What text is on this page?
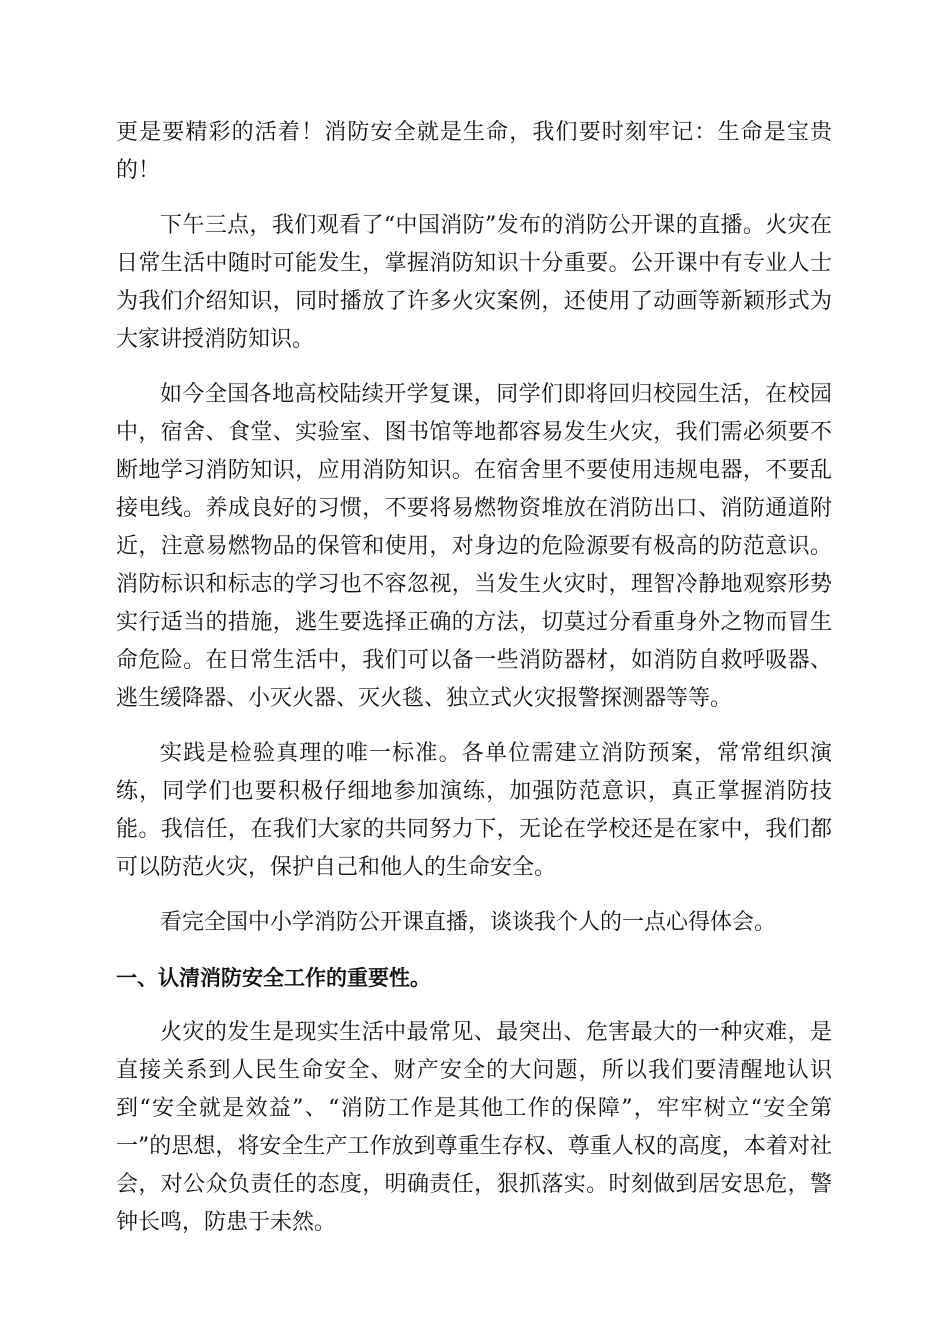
更是要精彩的活着！消防安全就是生命，我们要时刻牢记：生命是宝贵的！

下午三点，我们观看了“中国消防”发布的消防公开课的直播。火灾在日常生活中随时可能发生，掌握消防知识十分重要。公开课中有专业人士为我们介绍知识，同时播放了许多火灾案例，还使用了动画等新颖形式为大家讲授消防知识。

如今全国各地高校陆续开学复课，同学们即将回归校园生活，在校园中，宿舍、食堂、实验室、图书馆等地都容易发生火灾，我们需必须要不断地学习消防知识，应用消防知识。在宿舍里不要使用违规电器，不要乱接电线。养成良好的习惯，不要将易燃物资堆放在消防出口、消防通道附近，注意易燃物品的保管和使用，对身边的危险源要有极高的防范意识。消防标识和标志的学习也不容忽视，当发生火灾时，理智冷静地观察形势实行适当的措施，逃生要选择正确的方法，切莫过分看重身外之物而冒生命危险。在日常生活中，我们可以备一些消防器材，如消防自救呼吸器、逃生缓降器、小灭火器、灭火毯、独立式火灾报警探测器等等。

实践是检验真理的唯一标准。各单位需建立消防预案，常常组织演练，同学们也要积极仔细地参加演练，加强防范意识，真正掌握消防技能。我信任，在我们大家的共同努力下，无论在学校还是在家中，我们都可以防范火灾，保护自己和他人的生命安全。

看完全国中小学消防公开课直播，谈谈我个人的一点心得体会。

一、认清消防安全工作的重要性。

火灾的发生是现实生活中最常见、最突出、危害最大的一种灾难，是直接关系到人民生命安全、财产安全的大问题，所以我们要清醒地认识到“安全就是效益”、“消防工作是其他工作的保障”，牢牢树立“安全第一”的思想，将安全生产工作放到尊重生存权、尊重人权的高度，本着对社会，对公众负责任的态度，明确责任，狠抓落实。时刻做到居安思危，警钟长鸣，防患于未然。
